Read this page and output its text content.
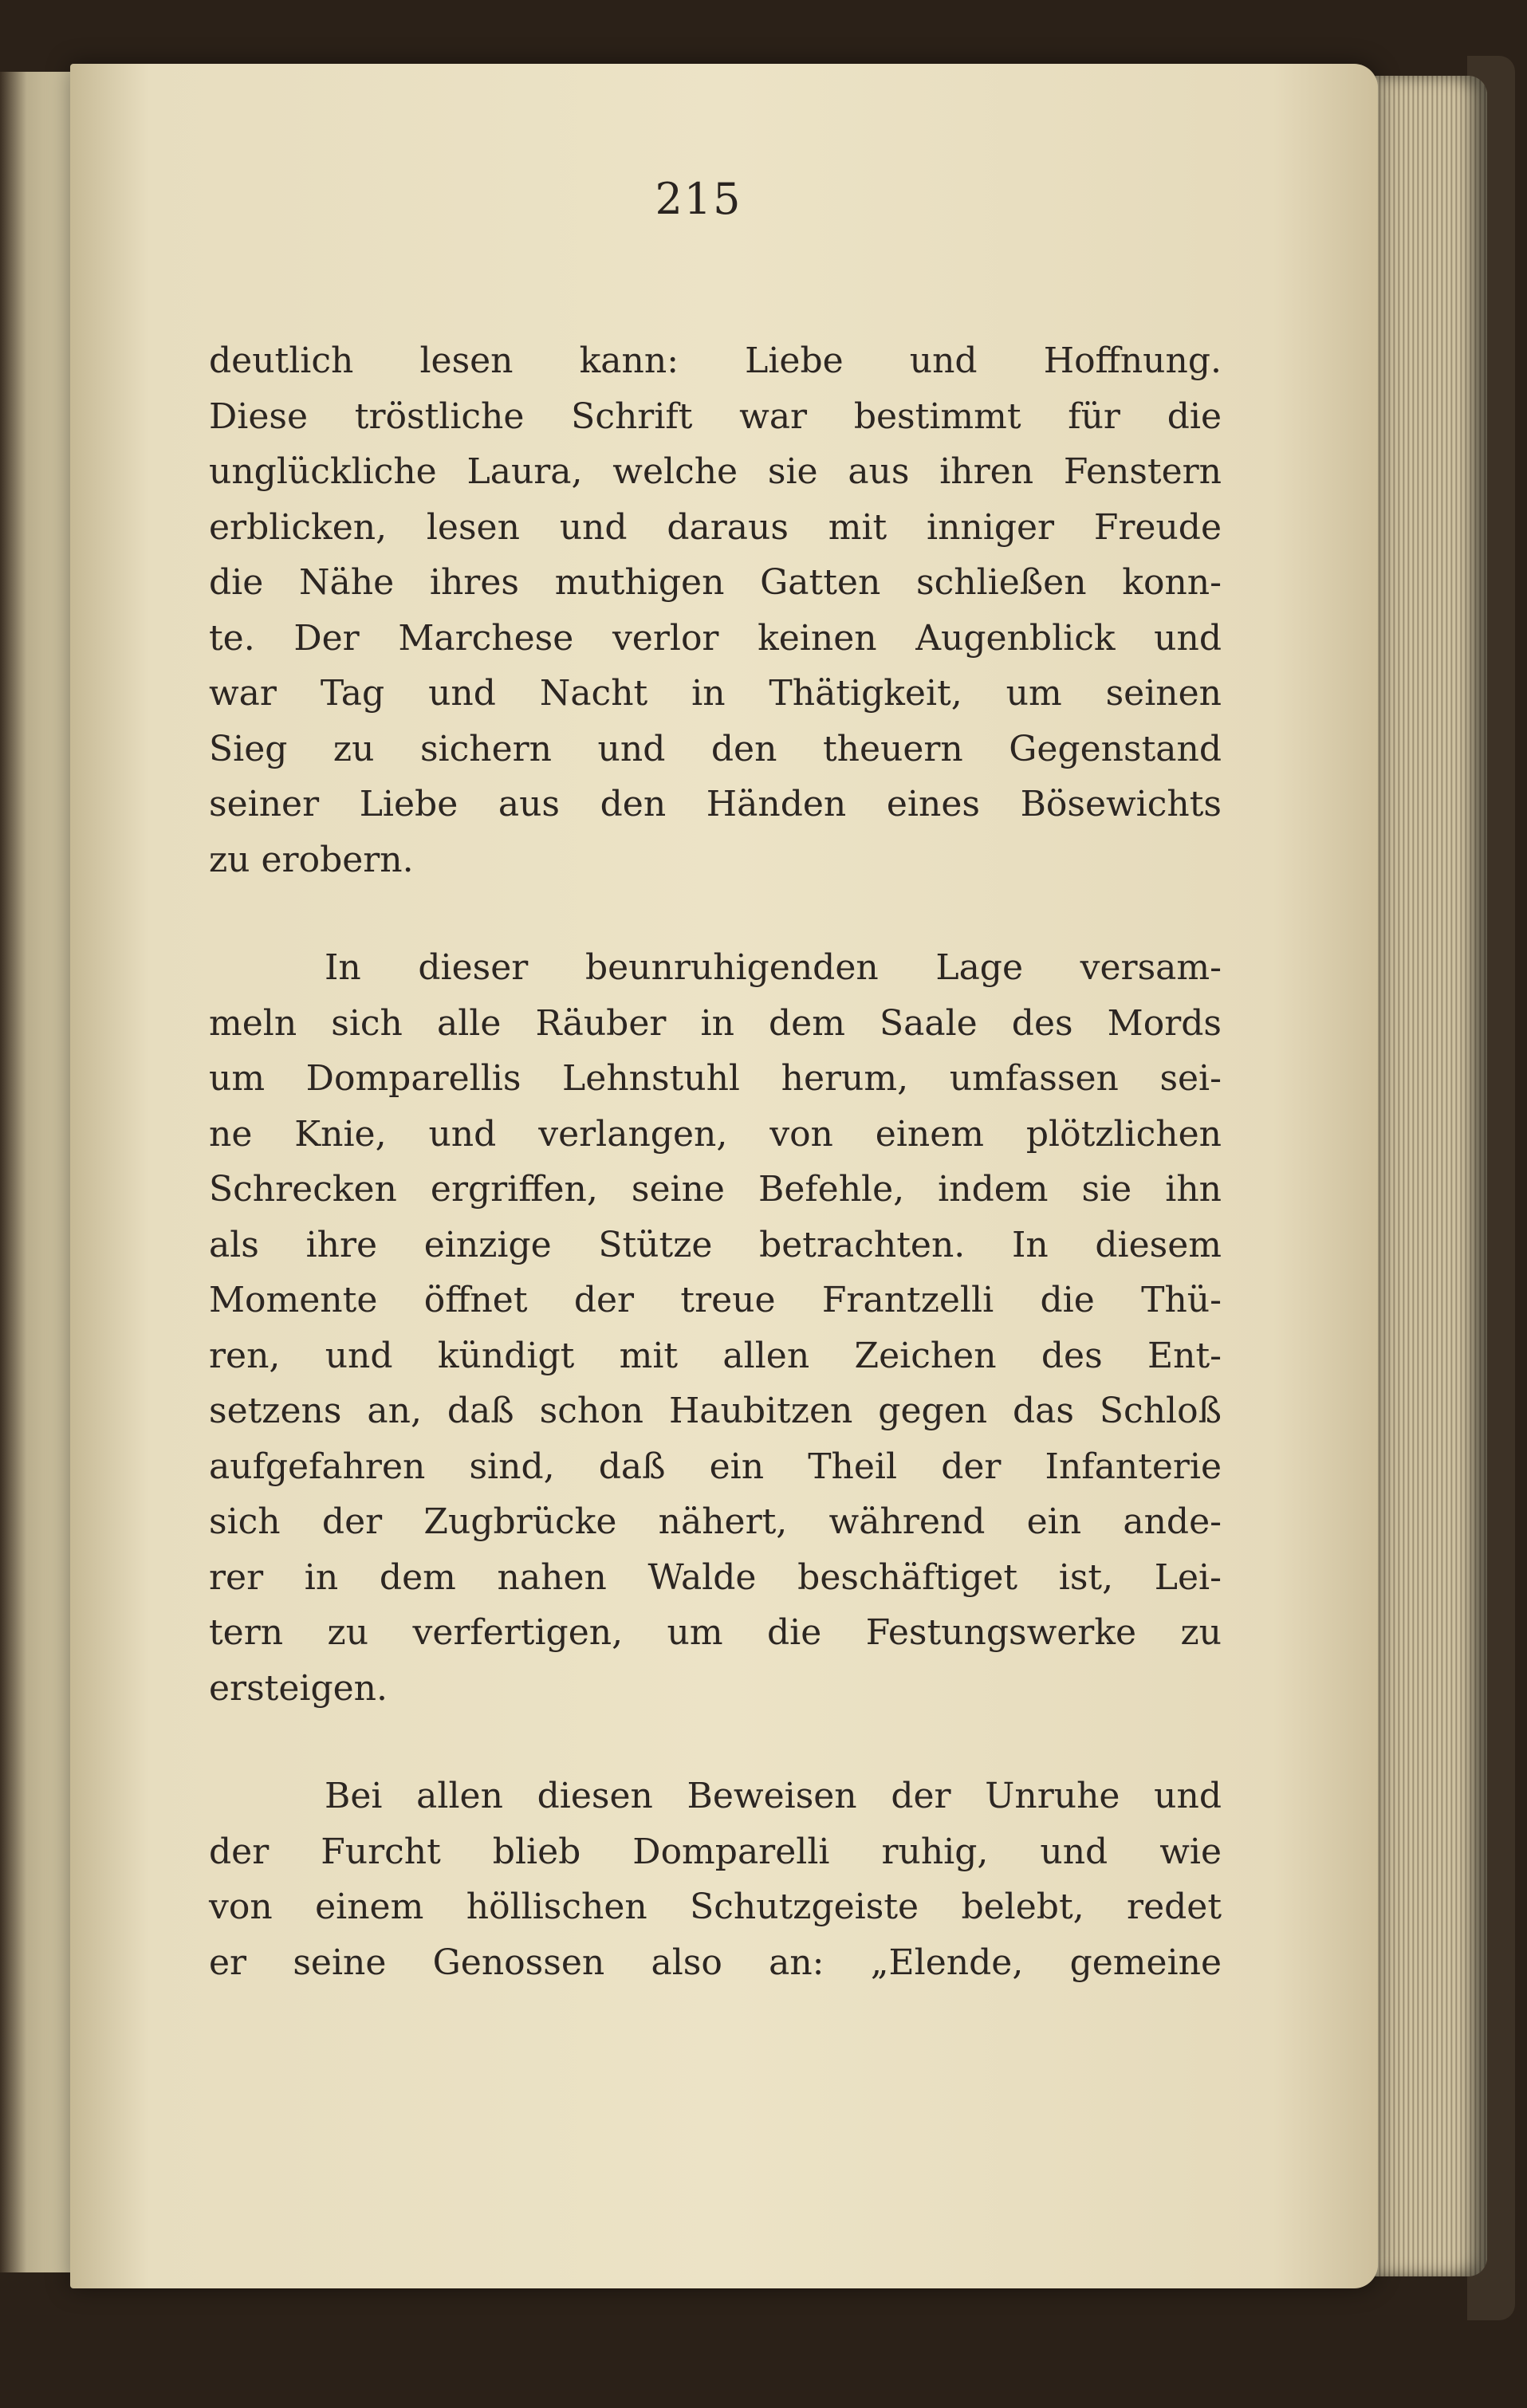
215
deutlich lesen kann: Liebe und Hoffnung.
Diese tröstliche Schrift war bestimmt für die
unglückliche Laura, welche sie aus ihren Fenstern
erblicken, lesen und daraus mit inniger Freude
die Nähe ihres muthigen Gatten schließen konn-
te. Der Marchese verlor keinen Augenblick und
war Tag und Nacht in Thätigkeit, um seinen
Sieg zu sichern und den theuern Gegenstand
seiner Liebe aus den Händen eines Bösewichts
zu erobern.
In dieser beunruhigenden Lage versam-
meln sich alle Räuber in dem Saale des Mords
um Domparellis Lehnstuhl herum, umfassen sei-
ne Knie, und verlangen, von einem plötzlichen
Schrecken ergriffen, seine Befehle, indem sie ihn
als ihre einzige Stütze betrachten. In diesem
Momente öffnet der treue Frantzelli die Thü-
ren, und kündigt mit allen Zeichen des Ent-
setzens an, daß schon Haubitzen gegen das Schloß
aufgefahren sind, daß ein Theil der Infanterie
sich der Zugbrücke nähert, während ein ande-
rer in dem nahen Walde beschäftiget ist, Lei-
tern zu verfertigen, um die Festungswerke zu
ersteigen.
Bei allen diesen Beweisen der Unruhe und
der Furcht blieb Domparelli ruhig, und wie
von einem höllischen Schutzgeiste belebt, redet
er seine Genossen also an: „Elende, gemeine
